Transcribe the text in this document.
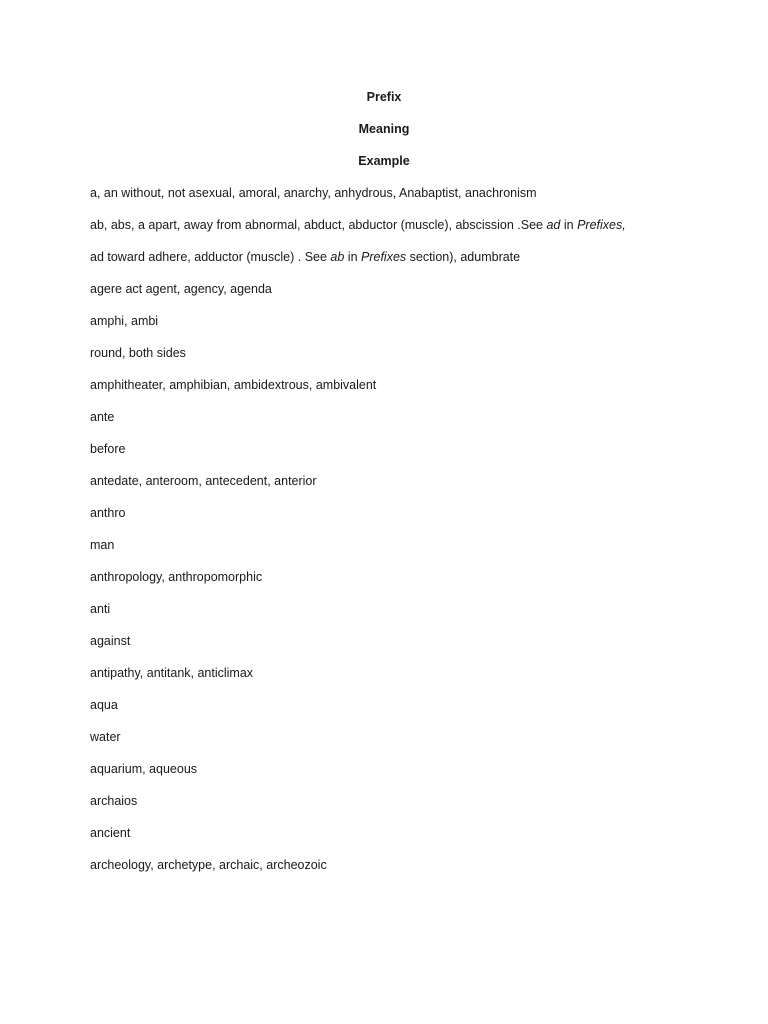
Prefix
Meaning
Example
a, an without, not asexual, amoral, anarchy, anhydrous, Anabaptist, anachronism
ab, abs, a apart, away from abnormal, abduct, abductor (muscle), abscission .See ad in Prefixes,
ad toward adhere, adductor (muscle) . See ab in Prefixes section), adumbrate
agere act agent, agency, agenda
amphi, ambi
round, both sides
amphitheater, amphibian, ambidextrous, ambivalent
ante
before
antedate, anteroom, antecedent, anterior
anthro
man
anthropology, anthropomorphic
anti
against
antipathy, antitank, anticlimax
aqua
water
aquarium, aqueous
archaios
ancient
archeology, archetype, archaic, archeozoic
